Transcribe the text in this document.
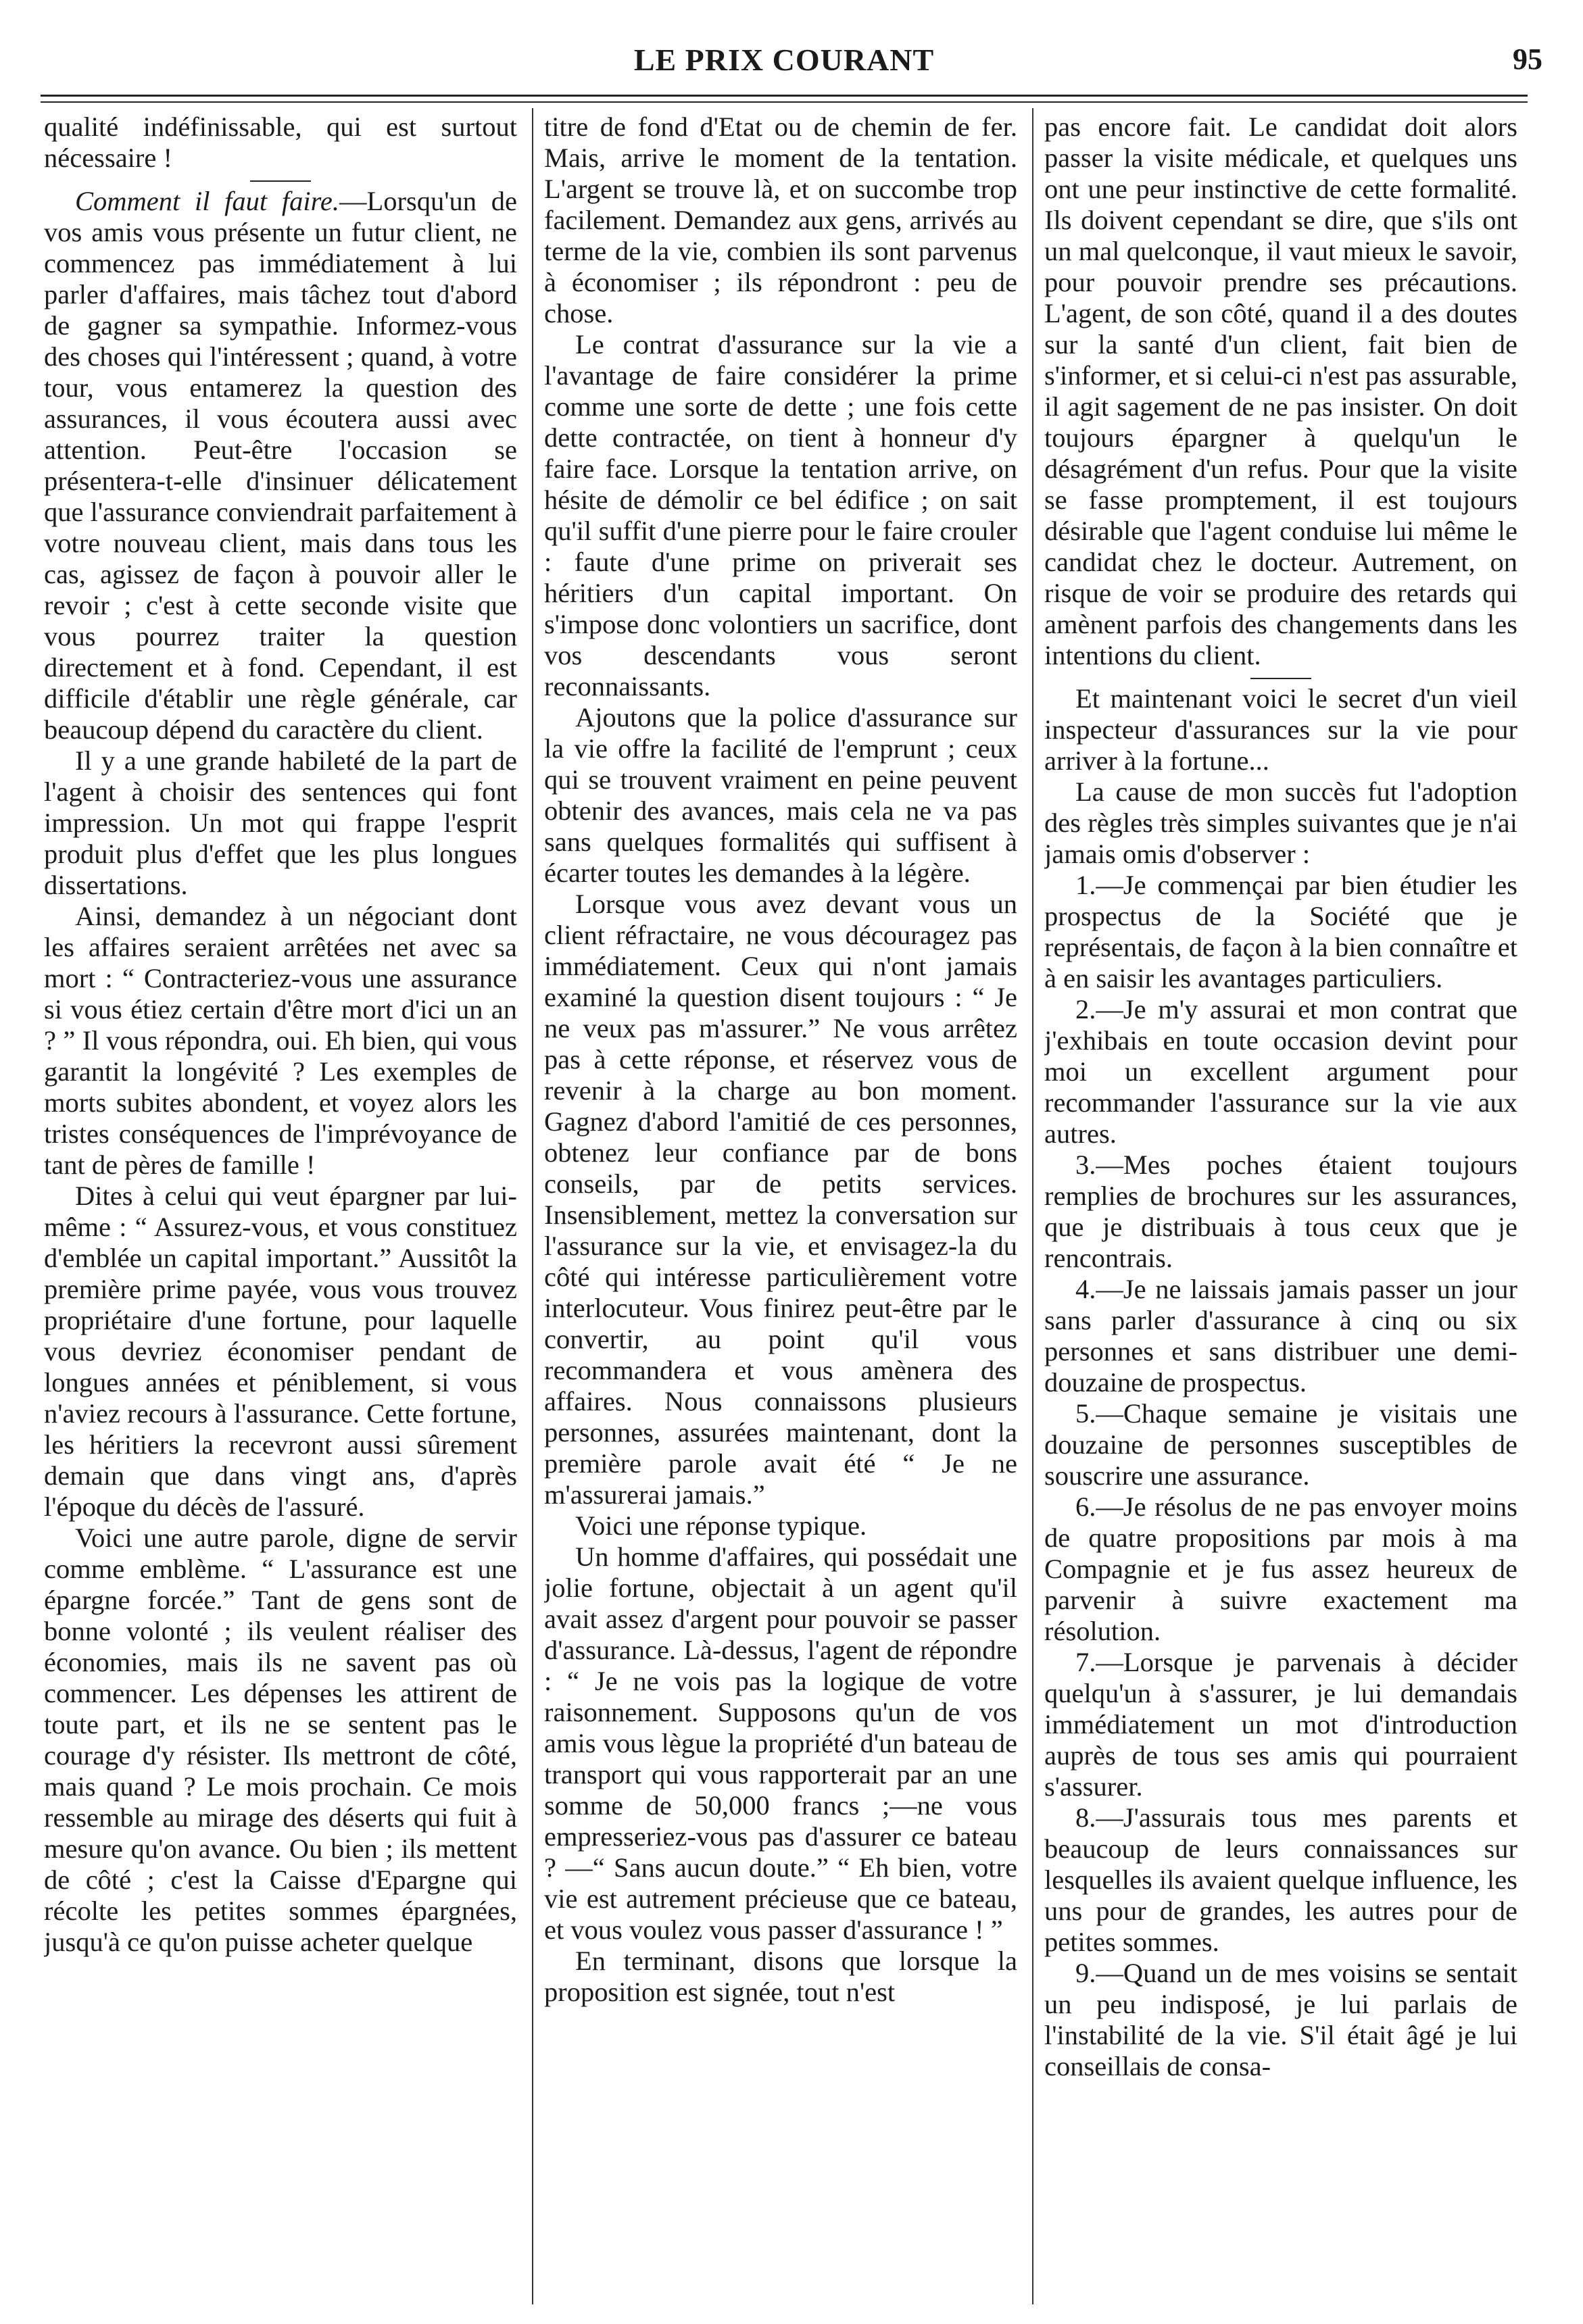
LE PRIX COURANT	95

qualité indéfinissable, qui est surtout nécessaire !

Comment il faut faire.—Lorsqu'un de vos amis vous présente un futur client, ne commencez pas immédiatement à lui parler d'affaires, mais tâchez tout d'abord de gagner sa sympathie. Informez-vous des choses qui l'intéressent ; quand, à votre tour, vous entamerez la question des assurances, il vous écoutera aussi avec attention. Peut-être l'occasion se présentera-t-elle d'insinuer délicatement que l'assurance conviendrait parfaitement à votre nouveau client, mais dans tous les cas, agissez de façon à pouvoir aller le revoir ; c'est à cette seconde visite que vous pourrez traiter la question directement et à fond. Cependant, il est difficile d'établir une règle générale, car beaucoup dépend du caractère du client.

Il y a une grande habileté de la part de l'agent à choisir des sentences qui font impression. Un mot qui frappe l'esprit produit plus d'effet que les plus longues dissertations.

Ainsi, demandez à un négociant dont les affaires seraient arrêtées net avec sa mort : “ Contracteriez-vous une assurance si vous étiez certain d'être mort d'ici un an ? ” Il vous répondra, oui. Eh bien, qui vous garantit la longévité ? Les exemples de morts subites abondent, et voyez alors les tristes conséquences de l'imprévoyance de tant de pères de famille !

Dites à celui qui veut épargner par lui-même : “ Assurez-vous, et vous constituez d'emblée un capital important.” Aussitôt la première prime payée, vous vous trouvez propriétaire d'une fortune, pour laquelle vous devriez économiser pendant de longues années et péniblement, si vous n'aviez recours à l'assurance. Cette fortune, les héritiers la recevront aussi sûrement demain que dans vingt ans, d'après l'époque du décès de l'assuré.

Voici une autre parole, digne de servir comme emblème. “ L'assurance est une épargne forcée.” Tant de gens sont de bonne volonté ; ils veulent réaliser des économies, mais ils ne savent pas où commencer. Les dépenses les attirent de toute part, et ils ne se sentent pas le courage d'y résister. Ils mettront de côté, mais quand ? Le mois prochain. Ce mois ressemble au mirage des déserts qui fuit à mesure qu'on avance. Ou bien ; ils mettent de côté ; c'est la Caisse d'Epargne qui récolte les petites sommes épargnées, jusqu'à ce qu'on puisse acheter quelque

titre de fond d'Etat ou de chemin de fer. Mais, arrive le moment de la tentation. L'argent se trouve là, et on succombe trop facilement. Demandez aux gens, arrivés au terme de la vie, combien ils sont parvenus à économiser ; ils répondront : peu de chose.

Le contrat d'assurance sur la vie a l'avantage de faire considérer la prime comme une sorte de dette ; une fois cette dette contractée, on tient à honneur d'y faire face. Lorsque la tentation arrive, on hésite de démolir ce bel édifice ; on sait qu'il suffit d'une pierre pour le faire crouler : faute d'une prime on priverait ses héritiers d'un capital important. On s'impose donc volontiers un sacrifice, dont vos descendants vous seront reconnaissants.

Ajoutons que la police d'assurance sur la vie offre la facilité de l'emprunt ; ceux qui se trouvent vraiment en peine peuvent obtenir des avances, mais cela ne va pas sans quelques formalités qui suffisent à écarter toutes les demandes à la légère.

Lorsque vous avez devant vous un client réfractaire, ne vous découragez pas immédiatement. Ceux qui n'ont jamais examiné la question disent toujours : “ Je ne veux pas m'assurer.” Ne vous arrêtez pas à cette réponse, et réservez vous de revenir à la charge au bon moment. Gagnez d'abord l'amitié de ces personnes, obtenez leur confiance par de bons conseils, par de petits services. Insensiblement, mettez la conversation sur l'assurance sur la vie, et envisagez-la du côté qui intéresse particulièrement votre interlocuteur. Vous finirez peut-être par le convertir, au point qu'il vous recommandera et vous amènera des affaires. Nous connaissons plusieurs personnes, assurées maintenant, dont la première parole avait été “ Je ne m'assurerai jamais.”

Voici une réponse typique.

Un homme d'affaires, qui possédait une jolie fortune, objectait à un agent qu'il avait assez d'argent pour pouvoir se passer d'assurance. Là-dessus, l'agent de répondre : “ Je ne vois pas la logique de votre raisonnement. Supposons qu'un de vos amis vous lègue la propriété d'un bateau de transport qui vous rapporterait par an une somme de 50,000 francs ;—ne vous empresseriez-vous pas d'assurer ce bateau ? —“ Sans aucun doute.” “ Eh bien, votre vie est autrement précieuse que ce bateau, et vous voulez vous passer d'assurance ! ”

En terminant, disons que lorsque la proposition est signée, tout n'est

pas encore fait. Le candidat doit alors passer la visite médicale, et quelques uns ont une peur instinctive de cette formalité. Ils doivent cependant se dire, que s'ils ont un mal quelconque, il vaut mieux le savoir, pour pouvoir prendre ses précautions. L'agent, de son côté, quand il a des doutes sur la santé d'un client, fait bien de s'informer, et si celui-ci n'est pas assurable, il agit sagement de ne pas insister. On doit toujours épargner à quelqu'un le désagrément d'un refus. Pour que la visite se fasse promptement, il est toujours désirable que l'agent conduise lui même le candidat chez le docteur. Autrement, on risque de voir se produire des retards qui amènent parfois des changements dans les intentions du client.

Et maintenant voici le secret d'un vieil inspecteur d'assurances sur la vie pour arriver à la fortune...

La cause de mon succès fut l'adoption des règles très simples suivantes que je n'ai jamais omis d'observer :

1.—Je commençai par bien étudier les prospectus de la Société que je représentais, de façon à la bien connaître et à en saisir les avantages particuliers.

2.—Je m'y assurai et mon contrat que j'exhibais en toute occasion devint pour moi un excellent argument pour recommander l'assurance sur la vie aux autres.

3.—Mes poches étaient toujours remplies de brochures sur les assurances, que je distribuais à tous ceux que je rencontrais.

4.—Je ne laissais jamais passer un jour sans parler d'assurance à cinq ou six personnes et sans distribuer une demi-douzaine de prospectus.

5.—Chaque semaine je visitais une douzaine de personnes susceptibles de souscrire une assurance.

6.—Je résolus de ne pas envoyer moins de quatre propositions par mois à ma Compagnie et je fus assez heureux de parvenir à suivre exactement ma résolution.

7.—Lorsque je parvenais à décider quelqu'un à s'assurer, je lui demandais immédiatement un mot d'introduction auprès de tous ses amis qui pourraient s'assurer.

8.—J'assurais tous mes parents et beaucoup de leurs connaissances sur lesquelles ils avaient quelque influence, les uns pour de grandes, les autres pour de petites sommes.

9.—Quand un de mes voisins se sentait un peu indisposé, je lui parlais de l'instabilité de la vie. S'il était âgé je lui conseillais de consa-
